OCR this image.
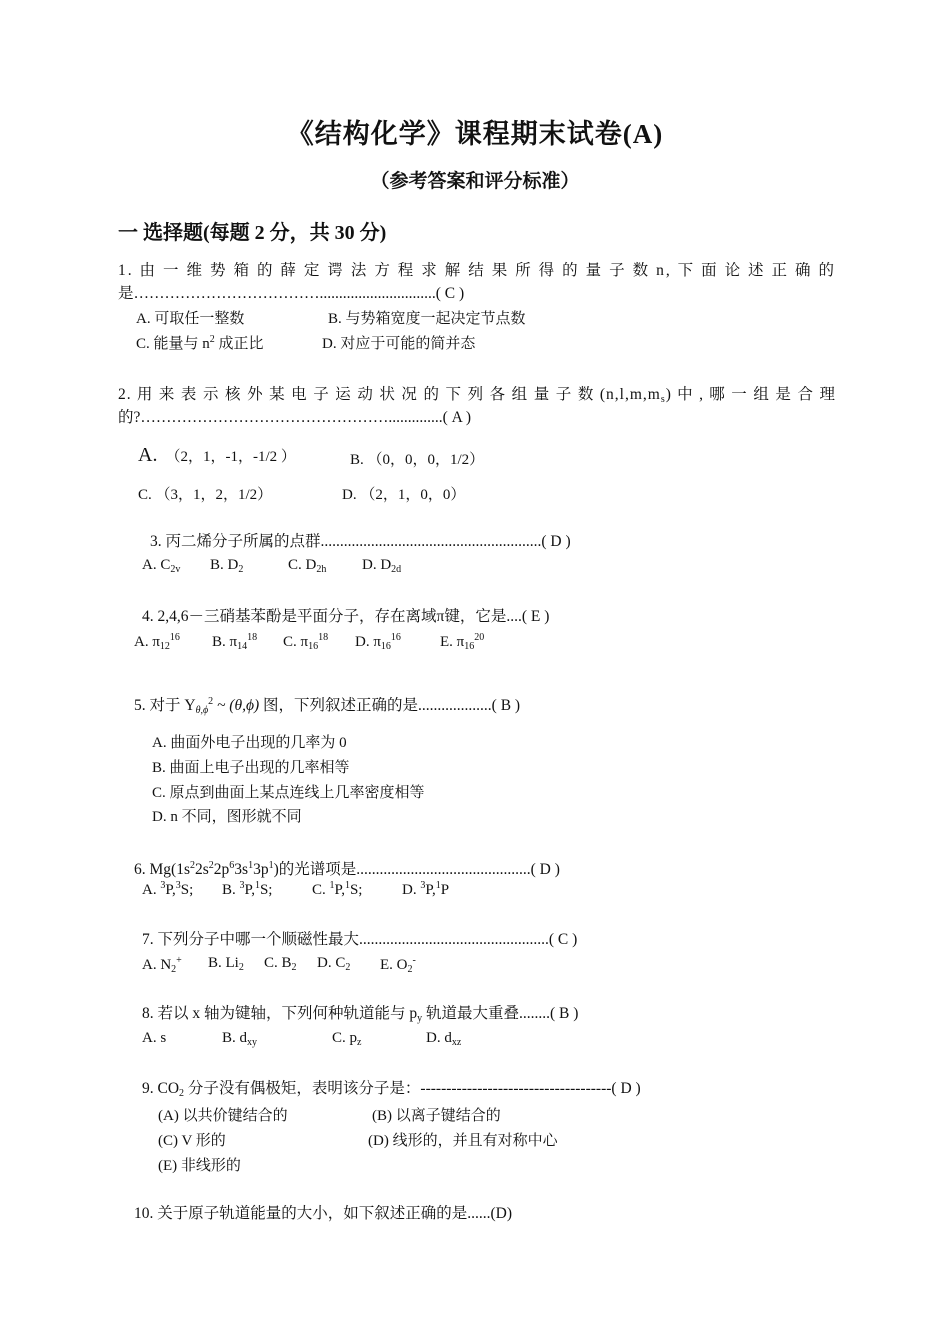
《结构化学》课程期末试卷(A)
（参考答案和评分标准）
一 选择题(每题 2 分，共 30 分)
1. 由 一 维 势 箱 的 薛 定 谔 法 方 程 求 解 结 果 所 得 的 量 子 数 n, 下 面 论 述 正 确 的
是………………………………..............................( C )
A. 可取任一整数	B. 与势箱宽度一起决定节点数
C. 能量与 $n^2$ 成正比	D. 对应于可能的简并态
2. 用 来 表 示 核 外 某 电 子 运 动 状 况 的 下 列 各 组 量 子 数 $(n,l,m,m_s)$ 中 , 哪 一 组 是 合 理
的?…………………………………………..............( A )
A. （2，1，-1，-1/2 ）	B. （0，0，0，1/2）
C. （3，1，2，1/2）	D. （2，1，0，0）
3. 丙二烯分子所属的点群.........................................................( D )
A. $C_{2v}$ B. $D_2$	C. $D_{2h}$ D. $D_{2d}$
4. 2,4,6－三硝基苯酚是平面分子，存在离域π键，它是....( E )
A. $\pi_{12}^{16}$ B. $\pi_{14}^{18}$ C. $\pi_{16}^{18}$ D. $\pi_{16}^{16}$	E. $\pi_{16}^{20}$
5. 对于 $Y_{\theta,\phi}^2$ ~ (θ,ϕ) 图，下列叙述正确的是...................( B )
A. 曲面外电子出现的几率为 0
B. 曲面上电子出现的几率相等
C. 原点到曲面上某点连线上几率密度相等
D. n 不同，图形就不同
6. $Mg(1s^22s^22p^63s^13p^1)$的光谱项是.............................................( D )
A. $^3$P,$^3$S; B. $^3$P,$^1$S;	C. $^1$P,$^1$S;	D. $^3$P,$^1$P
7. 下列分子中哪一个顺磁性最大.................................................( C )
A. $N_2^+$ B. $Li_2$ C. $B_2$ D. $C_2$ E. $O_2^-$
8. 若以 x 轴为键轴，下列何种轨道能与 $p_y$ 轨道最大重叠........( B )
A. s	B. $d_{xy}$	C. $p_z$	D. $d_{xz}$
9. $CO_2$ 分子没有偶极矩，表明该分子是：-------------------------------------( D )
(A) 以共价键结合的	(B) 以离子键结合的
(C) V 形的	(D) 线形的，并且有对称中心
(E) 非线形的
10. 关于原子轨道能量的大小，如下叙述正确的是......(D)
